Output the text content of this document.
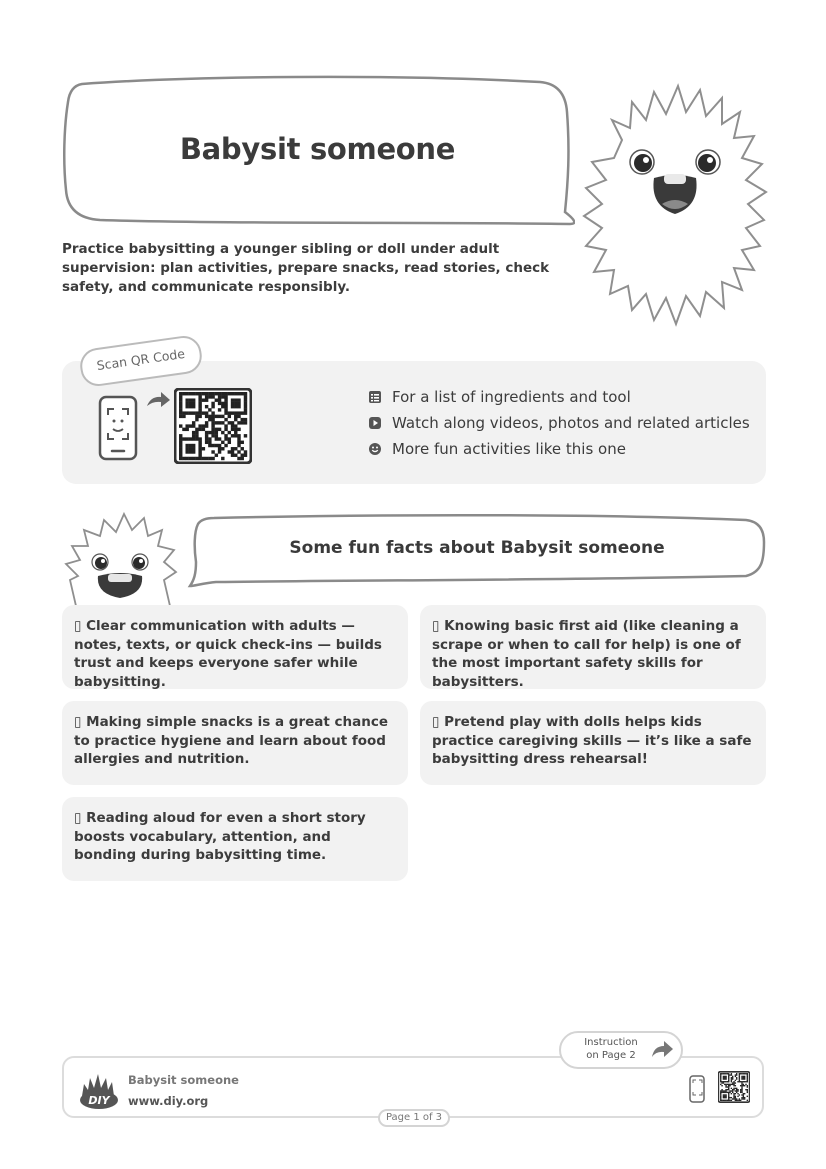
Babysit someone
Practice babysitting a younger sibling or doll under adult supervision: plan activities, prepare snacks, read stories, check safety, and communicate responsibly.
Scan QR Code
For a list of ingredients and tool
Watch along videos, photos and related articles
More fun activities like this one
Some fun facts about Babysit someone
▯ Clear communication with adults — notes, texts, or quick check-ins — builds trust and keeps everyone safer while babysitting.
▯ Knowing basic first aid (like cleaning a scrape or when to call for help) is one of the most important safety skills for babysitters.
▯ Making simple snacks is a great chance to practice hygiene and learn about food allergies and nutrition.
▯ Pretend play with dolls helps kids practice caregiving skills — it’s like a safe babysitting dress rehearsal!
▯ Reading aloud for even a short story boosts vocabulary, attention, and bonding during babysitting time.
Instruction
on Page 2
DIY
Babysit someone
www.diy.org
Page 1 of 3
